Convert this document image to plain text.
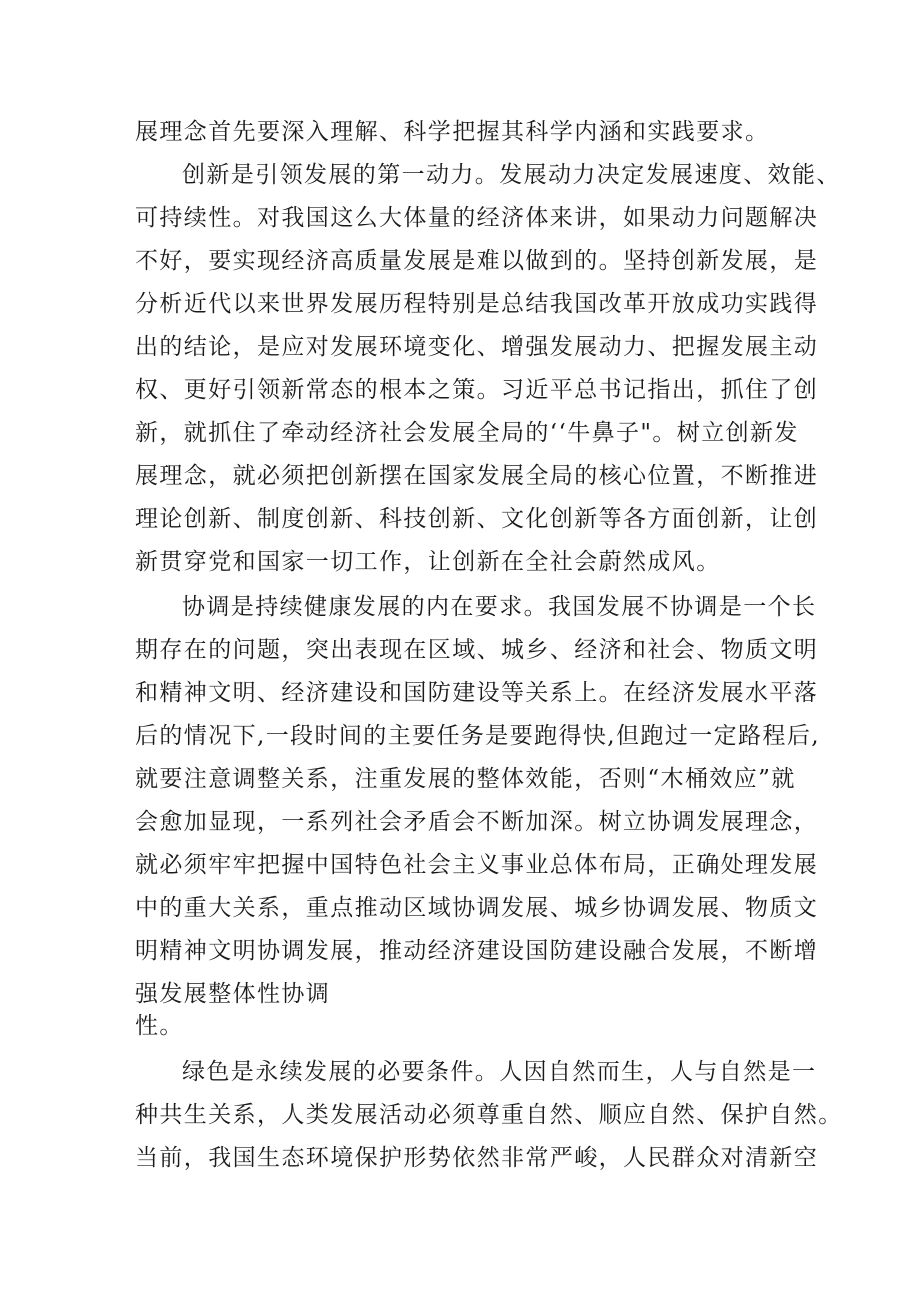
展理念首先要深入理解、科学把握其科学内涵和实践要求。
创新是引领发展的第一动力。发展动力决定发展速度、效能、
可持续性。对我国这么大体量的经济体来讲，如果动力问题解决
不好，要实现经济高质量发展是难以做到的。坚持创新发展，是
分析近代以来世界发展历程特别是总结我国改革开放成功实践得
出的结论，是应对发展环境变化、增强发展动力、把握发展主动
权、更好引领新常态的根本之策。习近平总书记指出，抓住了创
新，就抓住了牵动经济社会发展全局的‘‘牛鼻子"。树立创新发
展理念，就必须把创新摆在国家发展全局的核心位置，不断推进
理论创新、制度创新、科技创新、文化创新等各方面创新，让创
新贯穿党和国家一切工作，让创新在全社会蔚然成风。
协调是持续健康发展的内在要求。我国发展不协调是一个长
期存在的问题，突出表现在区域、城乡、经济和社会、物质文明
和精神文明、经济建设和国防建设等关系上。在经济发展水平落
后的情况下,一段时间的主要任务是要跑得快,但跑过一定路程后,
就要注意调整关系，注重发展的整体效能，否则“木桶效应”就
会愈加显现，一系列社会矛盾会不断加深。树立协调发展理念，
就必须牢牢把握中国特色社会主义事业总体布局，正确处理发展
中的重大关系，重点推动区域协调发展、城乡协调发展、物质文
明精神文明协调发展，推动经济建设国防建设融合发展，不断增
强发展整体性协调
性。
绿色是永续发展的必要条件。人因自然而生，人与自然是一
种共生关系，人类发展活动必须尊重自然、顺应自然、保护自然。
当前，我国生态环境保护形势依然非常严峻，人民群众对清新空
